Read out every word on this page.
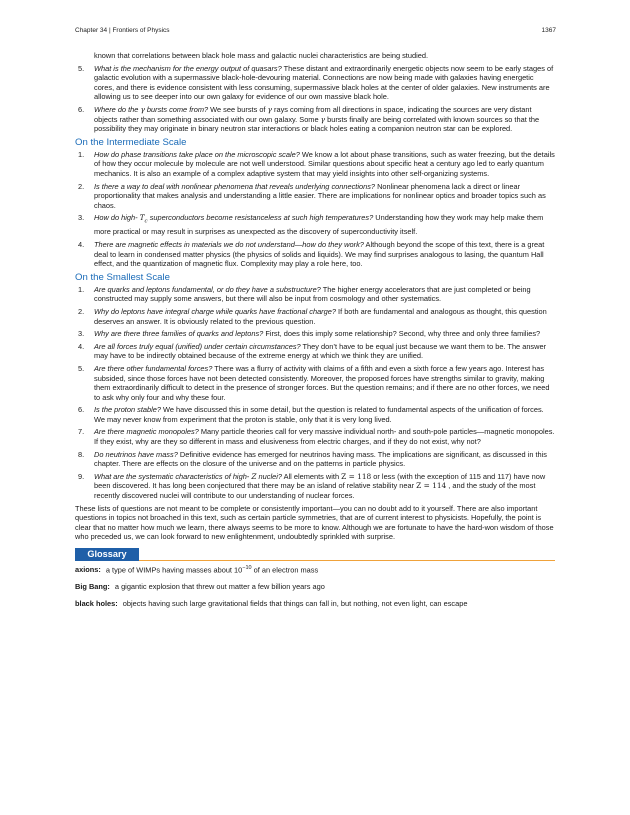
Chapter 34 | Frontiers of Physics	1367

known that correlations between black hole mass and galactic nuclei characteristics are being studied.

5. What is the mechanism for the energy output of quasars? These distant and extraordinarily energetic objects now seem to be early stages of galactic evolution with a supermassive black-hole-devouring material. Connections are now being made with galaxies having energetic cores, and there is evidence consistent with less consuming, supermassive black holes at the center of older galaxies. New instruments are allowing us to see deeper into our own galaxy for evidence of our own massive black hole.
6. Where do the γ bursts come from? We see bursts of γ rays coming from all directions in space, indicating the sources are very distant objects rather than something associated with our own galaxy. Some γ bursts finally are being correlated with known sources so that the possibility they may originate in binary neutron star interactions or black holes eating a companion neutron star can be explored.
On the Intermediate Scale
1. How do phase transitions take place on the microscopic scale? We know a lot about phase transitions, such as water freezing, but the details of how they occur molecule by molecule are not well understood. Similar questions about specific heat a century ago led to early quantum mechanics. It is also an example of a complex adaptive system that may yield insights into other self-organizing systems.
2. Is there a way to deal with nonlinear phenomena that reveals underlying connections? Nonlinear phenomena lack a direct or linear proportionality that makes analysis and understanding a little easier. There are implications for nonlinear optics and broader topics such as chaos.
3. How do high- $T_c$ superconductors become resistanceless at such high temperatures? Understanding how they work may help make them more practical or may result in surprises as unexpected as the discovery of superconductivity itself.
4. There are magnetic effects in materials we do not understand—how do they work? Although beyond the scope of this text, there is a great deal to learn in condensed matter physics (the physics of solids and liquids). We may find surprises analogous to lasing, the quantum Hall effect, and the quantization of magnetic flux. Complexity may play a role here, too.
On the Smallest Scale
1. Are quarks and leptons fundamental, or do they have a substructure? The higher energy accelerators that are just completed or being constructed may supply some answers, but there will also be input from cosmology and other systematics.
2. Why do leptons have integral charge while quarks have fractional charge? If both are fundamental and analogous as thought, this question deserves an answer. It is obviously related to the previous question.
3. Why are there three families of quarks and leptons? First, does this imply some relationship? Second, why three and only three families?
4. Are all forces truly equal (unified) under certain circumstances? They don’t have to be equal just because we want them to be. The answer may have to be indirectly obtained because of the extreme energy at which we think they are unified.
5. Are there other fundamental forces? There was a flurry of activity with claims of a fifth and even a sixth force a few years ago. Interest has subsided, since those forces have not been detected consistently. Moreover, the proposed forces have strengths similar to gravity, making them extraordinarily difficult to detect in the presence of stronger forces. But the question remains; and if there are no other forces, we need to ask why only four and why these four.
6. Is the proton stable? We have discussed this in some detail, but the question is related to fundamental aspects of the unification of forces. We may never know from experiment that the proton is stable, only that it is very long lived.
7. Are there magnetic monopoles? Many particle theories call for very massive individual north- and south-pole particles—magnetic monopoles. If they exist, why are they so different in mass and elusiveness from electric charges, and if they do not exist, why not?
8. Do neutrinos have mass? Definitive evidence has emerged for neutrinos having mass. The implications are significant, as discussed in this chapter. There are effects on the closure of the universe and on the patterns in particle physics.
9. What are the systematic characteristics of high- Z nuclei? All elements with Z = 118 or less (with the exception of 115 and 117) have now been discovered. It has long been conjectured that there may be an island of relative stability near Z = 114 , and the study of the most recently discovered nuclei will contribute to our understanding of nuclear forces.

These lists of questions are not meant to be complete or consistently important—you can no doubt add to it yourself. There are also important questions in topics not broached in this text, such as certain particle symmetries, that are of current interest to physicists. Hopefully, the point is clear that no matter how much we learn, there always seems to be more to know. Although we are fortunate to have the hard-won wisdom of those who preceded us, we can look forward to new enlightenment, undoubtedly sprinkled with surprise.

Glossary

axions: a type of WIMPs having masses about $10^{-10}$ of an electron mass

Big Bang: a gigantic explosion that threw out matter a few billion years ago

black holes: objects having such large gravitational fields that things can fall in, but nothing, not even light, can escape
